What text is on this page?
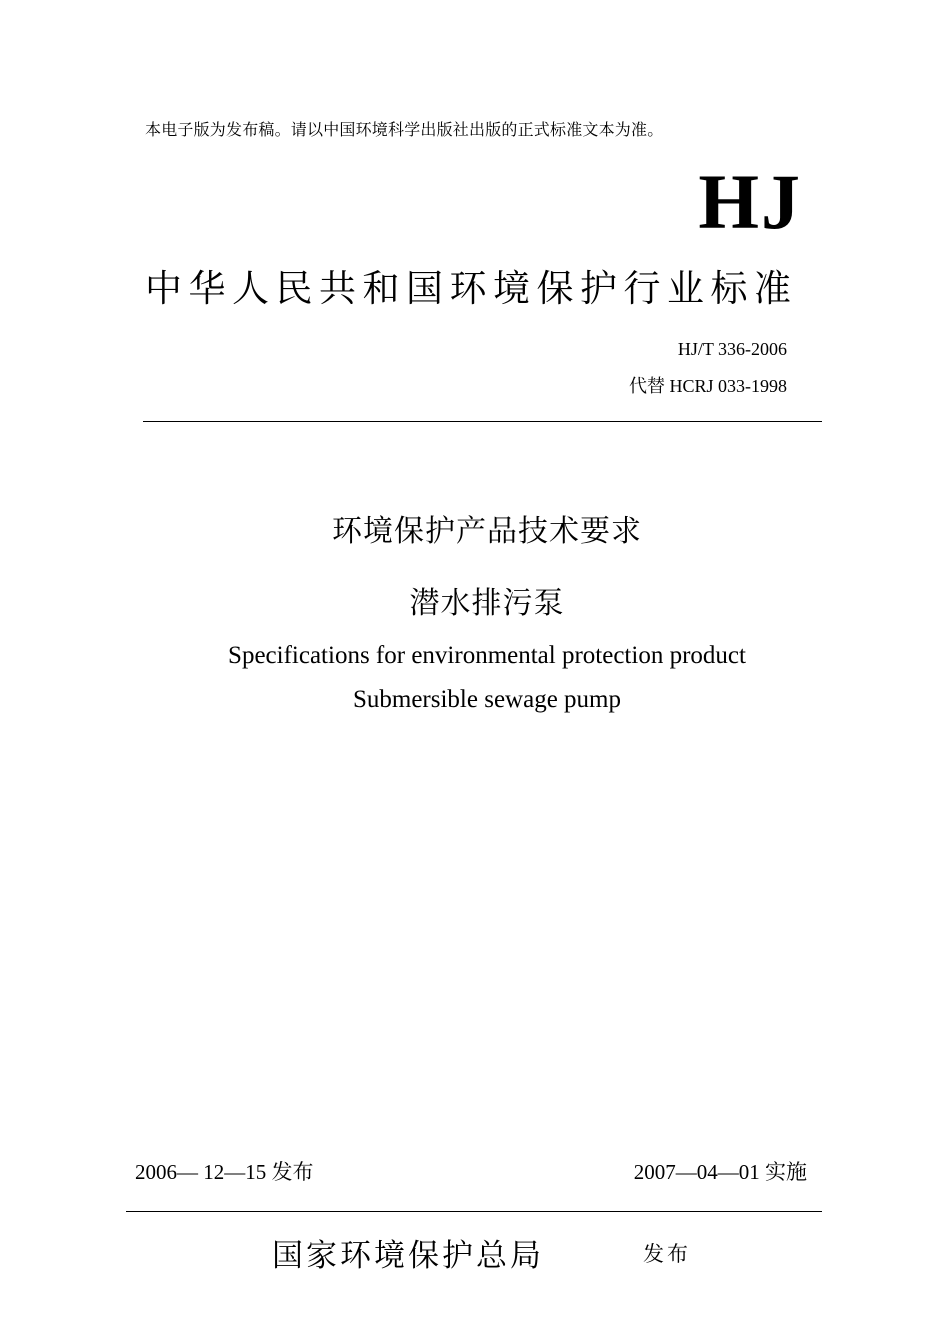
本电子版为发布稿。请以中国环境科学出版社出版的正式标准文本为准。
HJ
中华人民共和国环境保护行业标准
HJ/T 336-2006
代替 HCRJ 033-1998
环境保护产品技术要求
潜水排污泵
Specifications for environmental protection product
Submersible sewage pump
2006— 12—15 发布	2007—04—01 实施
国家环境保护总局	发布
